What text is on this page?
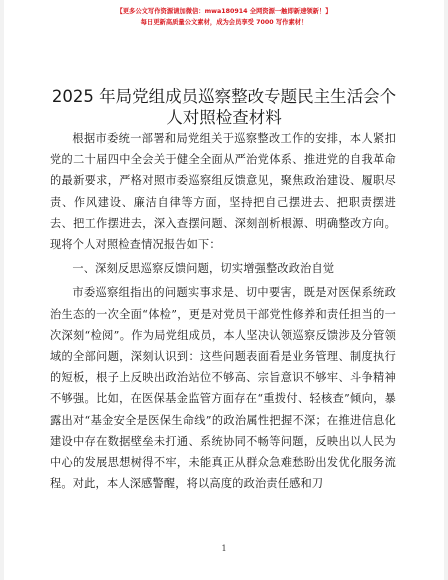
【更多公文写作资源请加微信：mwa180914 全网资源一触即新速领新！】
每日更新高质量公文素材，成为会员享受 7000 写作素材！
2025 年局党组成员巡察整改专题民主生活会个
人对照检查材料

根据市委统一部署和局党组关于巡察整改工作的安排，本人紧扣党的二十届四中全会关于健全全面从严治党体系、推进党的自我革命的最新要求，严格对照市委巡察组反馈意见，聚焦政治建设、履职尽责、作风建设、廉洁自律等方面，坚持把自己摆进去、把职责摆进去、把工作摆进去，深入查摆问题、深刻剖析根源、明确整改方向。现将个人对照检查情况报告如下：

一、深刻反思巡察反馈问题，切实增强整改政治自觉

市委巡察组指出的问题实事求是、切中要害，既是对医保系统政治生态的一次全面“体检”，更是对党员干部党性修养和责任担当的一次深刻“检阅”。作为局党组成员，本人坚决认领巡察反馈涉及分管领域的全部问题，深刻认识到：这些问题表面看是业务管理、制度执行的短板，根子上反映出政治站位不够高、宗旨意识不够牢、斗争精神不够强。比如，在医保基金监管方面存在“重拨付、轻核查”倾向，暴露出对“基金安全是医保生命线”的政治属性把握不深；在推进信息化建设中存在数据壁垒未打通、系统协同不畅等问题，反映出以人民为中心的发展思想树得不牢，未能真正从群众急难愁盼出发优化服务流程。对此，本人深感警醒，将以高度的政治责任感和刀

1
